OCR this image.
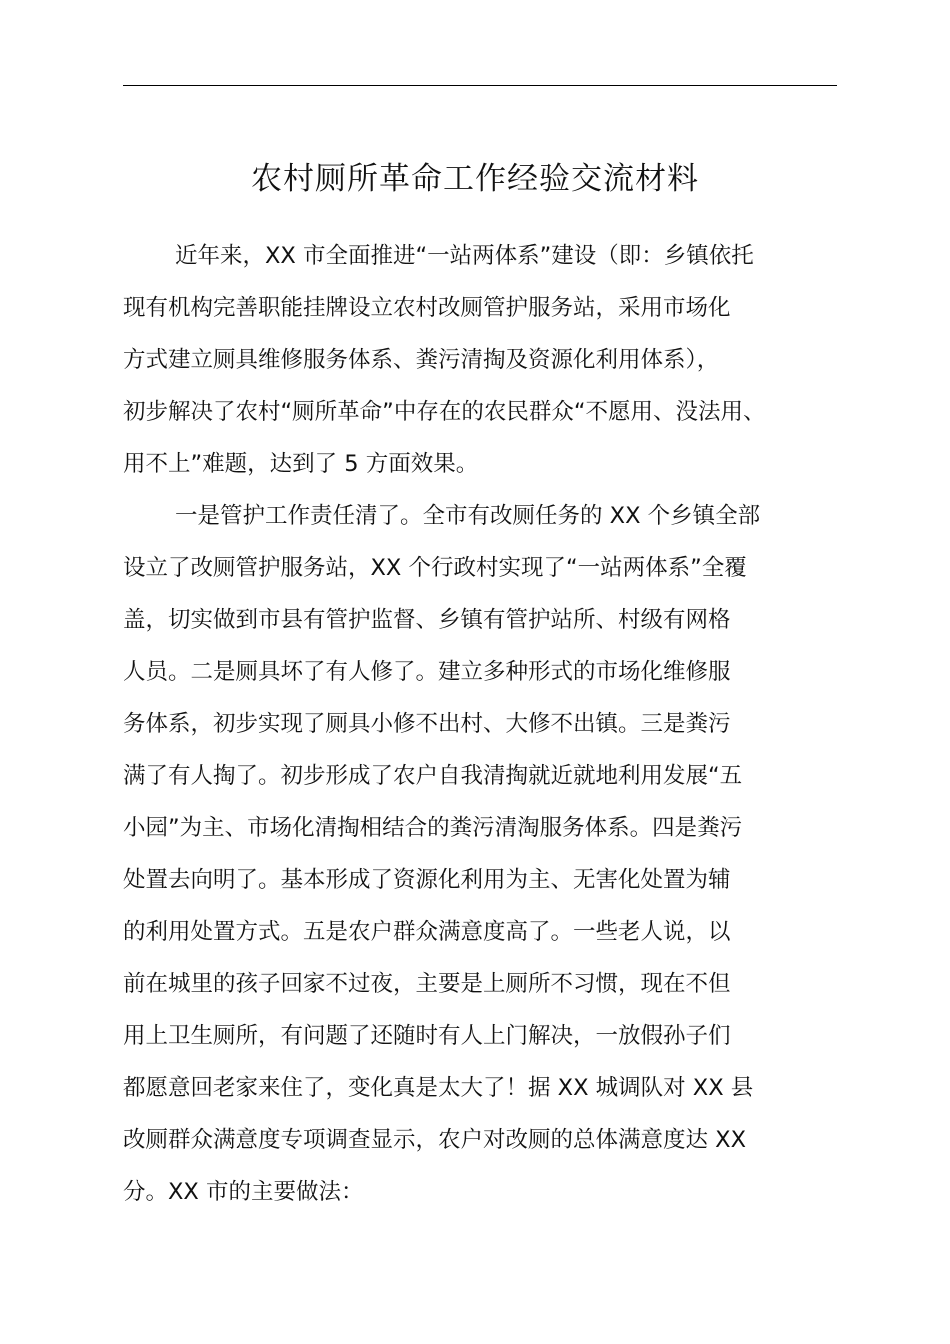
农村厕所革命工作经验交流材料
近年来，XX 市全面推进“一站两体系”建设（即：乡镇依托
现有机构完善职能挂牌设立农村改厕管护服务站，采用市场化
方式建立厕具维修服务体系、粪污清掏及资源化利用体系），
初步解决了农村“厕所革命”中存在的农民群众“不愿用、没法用、
用不上”难题，达到了 5 方面效果。
一是管护工作责任清了。全市有改厕任务的 XX 个乡镇全部
设立了改厕管护服务站，XX 个行政村实现了“一站两体系”全覆
盖，切实做到市县有管护监督、乡镇有管护站所、村级有网格
人员。二是厕具坏了有人修了。建立多种形式的市场化维修服
务体系，初步实现了厕具小修不出村、大修不出镇。三是粪污
满了有人掏了。初步形成了农户自我清掏就近就地利用发展“五
小园”为主、市场化清掏相结合的粪污清淘服务体系。四是粪污
处置去向明了。基本形成了资源化利用为主、无害化处置为辅
的利用处置方式。五是农户群众满意度高了。一些老人说，以
前在城里的孩子回家不过夜，主要是上厕所不习惯，现在不但
用上卫生厕所，有问题了还随时有人上门解决，一放假孙子们
都愿意回老家来住了，变化真是太大了！据 XX 城调队对 XX 县
改厕群众满意度专项调查显示，农户对改厕的总体满意度达 XX
分。XX 市的主要做法：
